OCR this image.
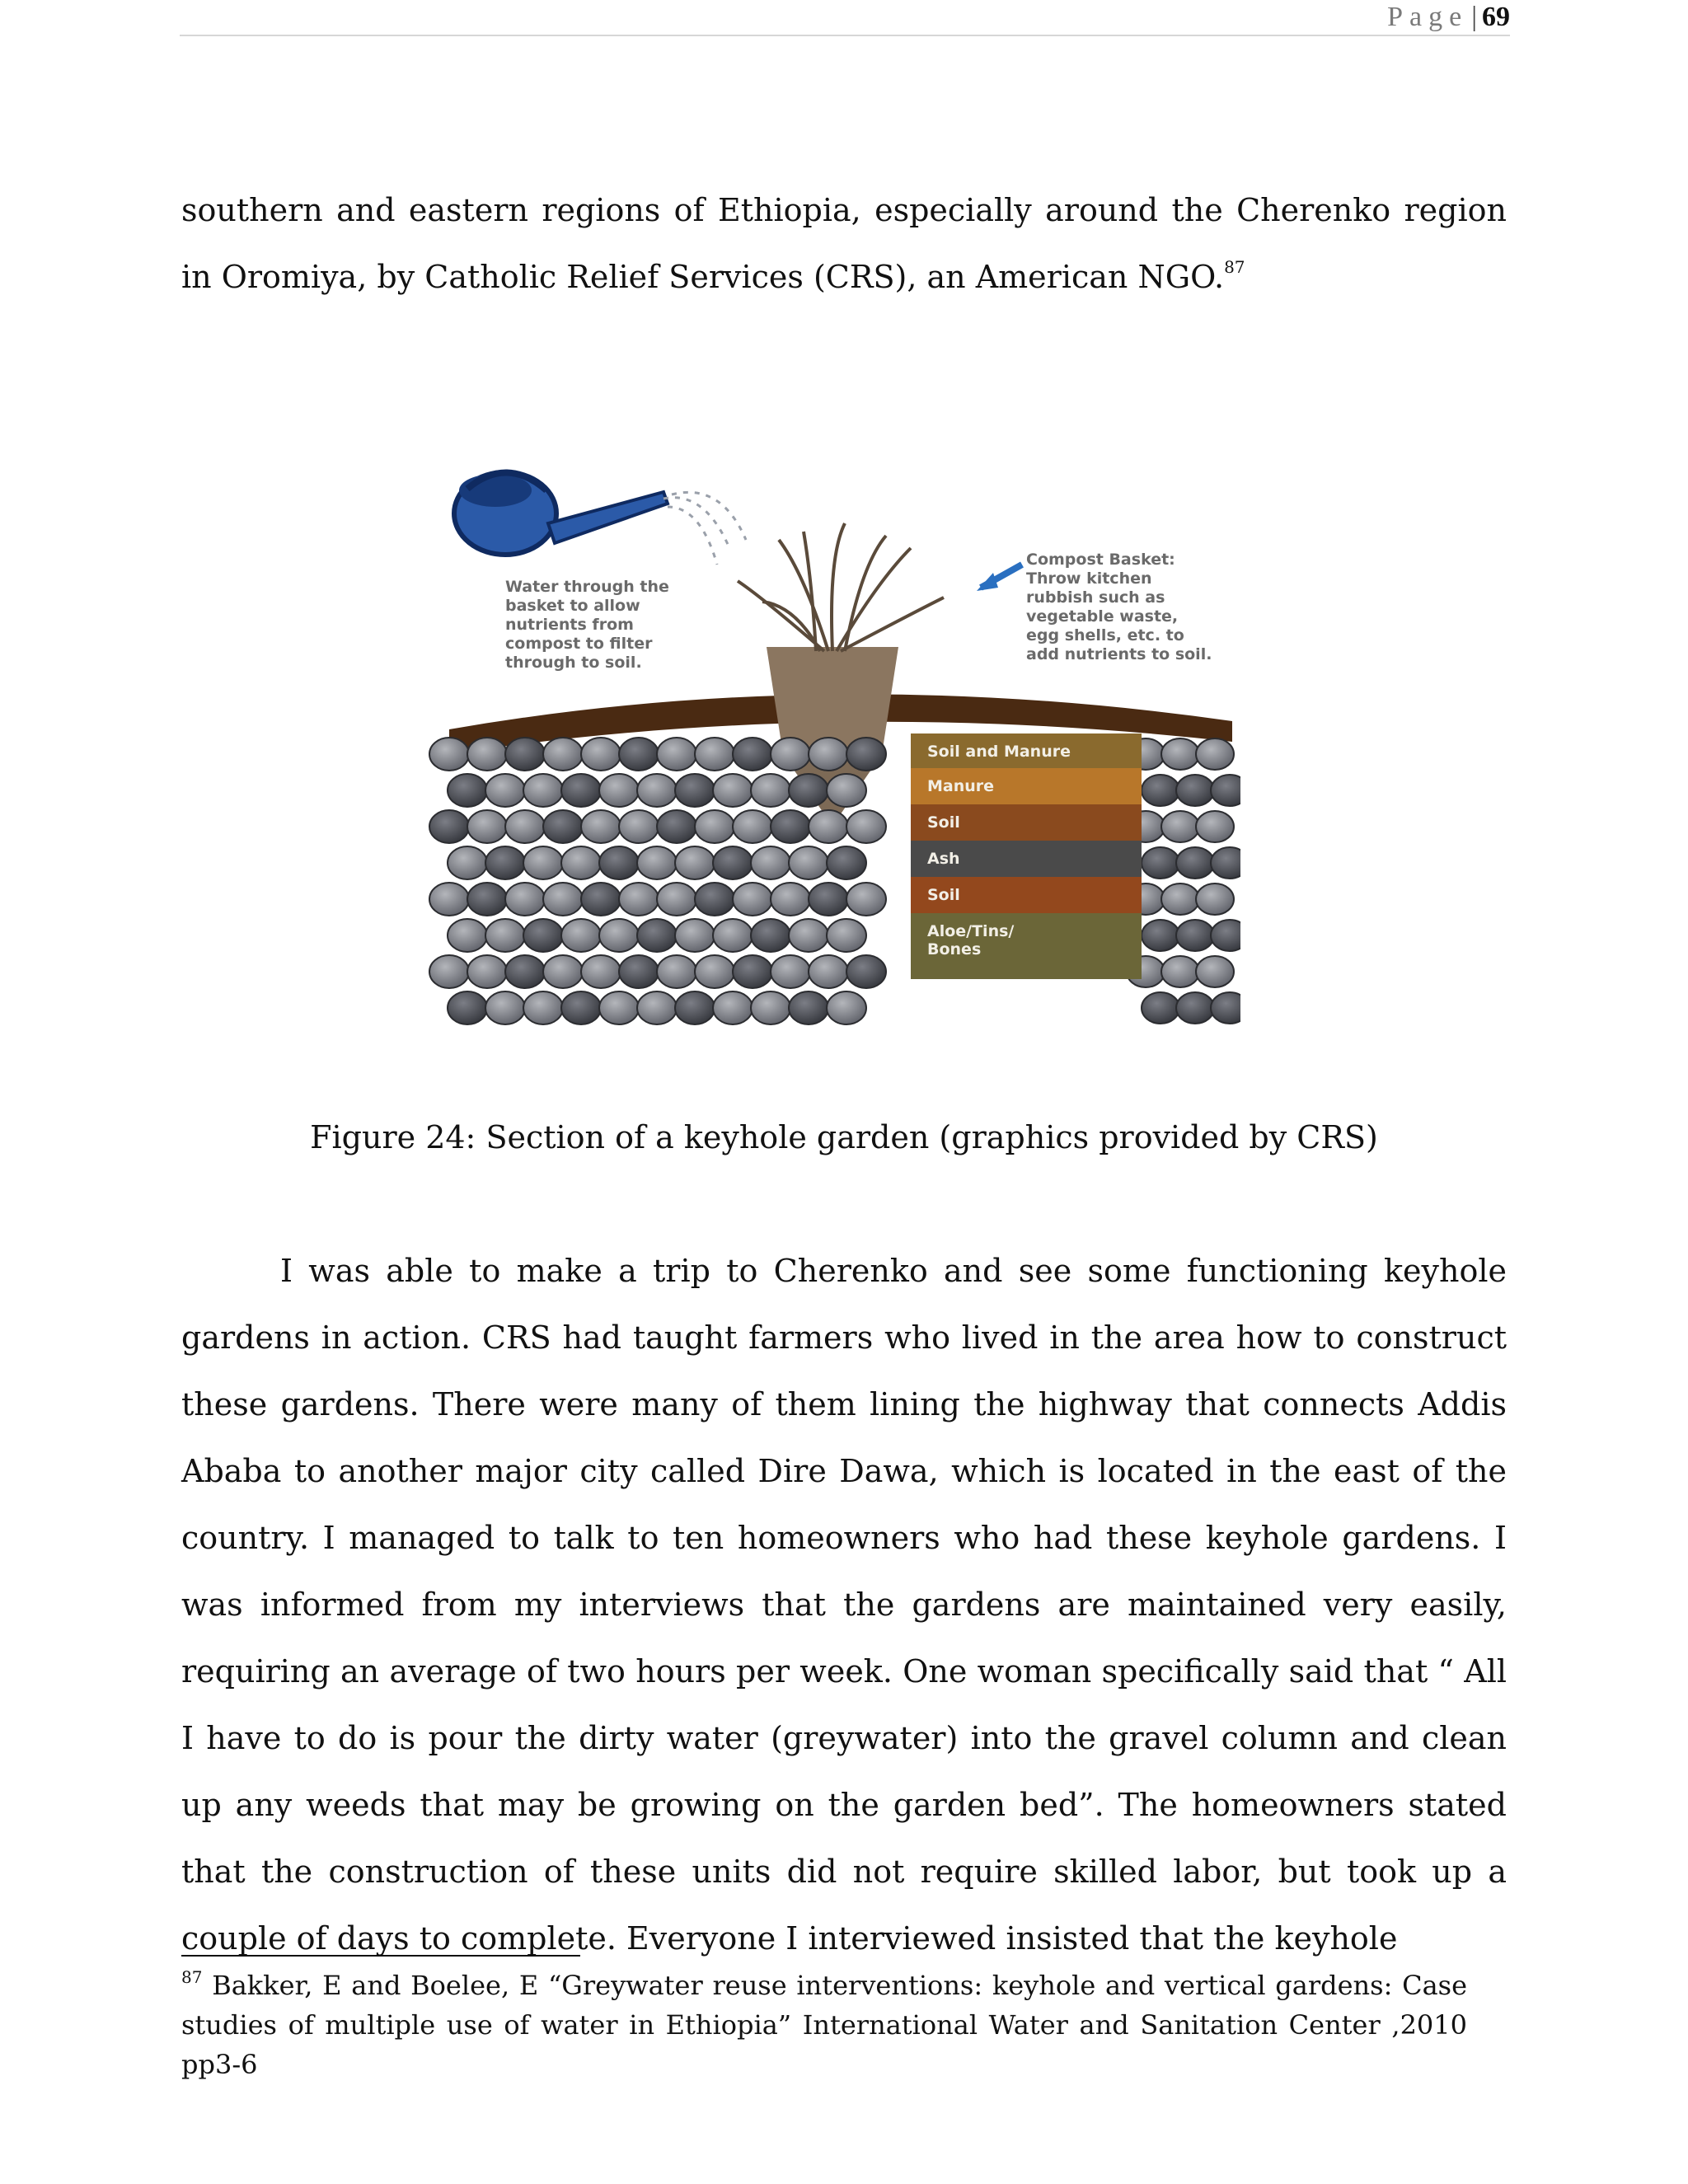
Page | 69

southern and eastern regions of Ethiopia, especially around the Cherenko region in Oromiya, by Catholic Relief Services (CRS), an American NGO.$^{87}$

Water through the
basket to allow
nutrients from
compost to filter
through to soil.
Compost Basket:
Throw kitchen
rubbish such as
vegetable waste,
egg shells, etc. to
add nutrients to soil.
Soil and Manure
Manure
Soil
Ash
Soil
Aloe/Tins/
Bones
Figure 24: Section of a keyhole garden (graphics provided by CRS)

I was able to make a trip to Cherenko and see some functioning keyhole gardens in action. CRS had taught farmers who lived in the area how to construct these gardens. There were many of them lining the highway that connects Addis Ababa to another major city called Dire Dawa, which is located in the east of the country. I managed to talk to ten homeowners who had these keyhole gardens. I was informed from my interviews that the gardens are maintained very easily, requiring an average of two hours per week. One woman specifically said that “ All I have to do is pour the dirty water (greywater) into the gravel column and clean up any weeds that may be growing on the garden bed”. The homeowners stated that the construction of these units did not require skilled labor, but took up a couple of days to complete. Everyone I interviewed insisted that the keyhole

$^{87}$ Bakker, E and Boelee, E “Greywater reuse interventions: keyhole and vertical gardens: Case studies of multiple use of water in Ethiopia” International Water and Sanitation Center ,2010 pp3-6
